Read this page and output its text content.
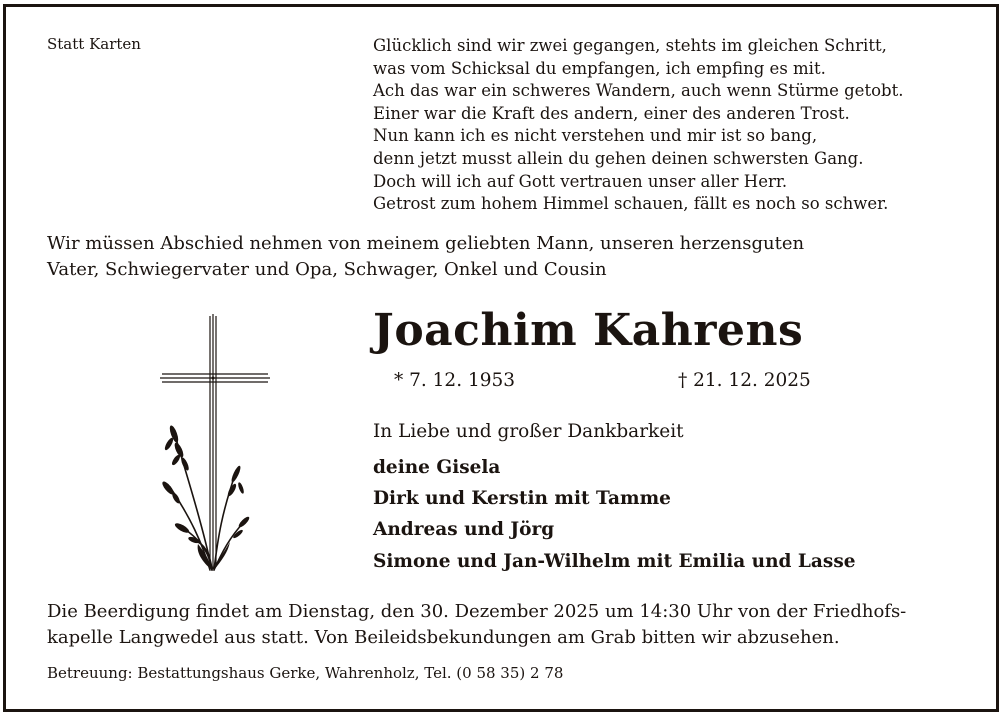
Statt Karten	Glücklich sind wir zwei gegangen, stehts im gleichen Schritt,
was vom Schicksal du empfangen, ich empfing es mit.
Ach das war ein schweres Wandern, auch wenn Stürme getobt.
Einer war die Kraft des andern, einer des anderen Trost.
Nun kann ich es nicht verstehen und mir ist so bang,
denn jetzt musst allein du gehen deinen schwersten Gang.
Doch will ich auf Gott vertrauen unser aller Herr.
Getrost zum hohem Himmel schauen, fällt es noch so schwer.
Wir müssen Abschied nehmen von meinem geliebten Mann, unseren herzensguten
Vater, Schwiegervater und Opa, Schwager, Onkel und Cousin
Joachim Kahrens
* 7. 12. 1953	† 21. 12. 2025
In Liebe und großer Dankbarkeit
deine Gisela
Dirk und Kerstin mit Tamme
Andreas und Jörg
Simone und Jan-Wilhelm mit Emilia und Lasse
Die Beerdigung findet am Dienstag, den 30. Dezember 2025 um 14:30 Uhr von der Friedhofs-
kapelle Langwedel aus statt. Von Beileidsbekundungen am Grab bitten wir abzusehen.
Betreuung: Bestattungshaus Gerke, Wahrenholz, Tel. (0 58 35) 2 78
